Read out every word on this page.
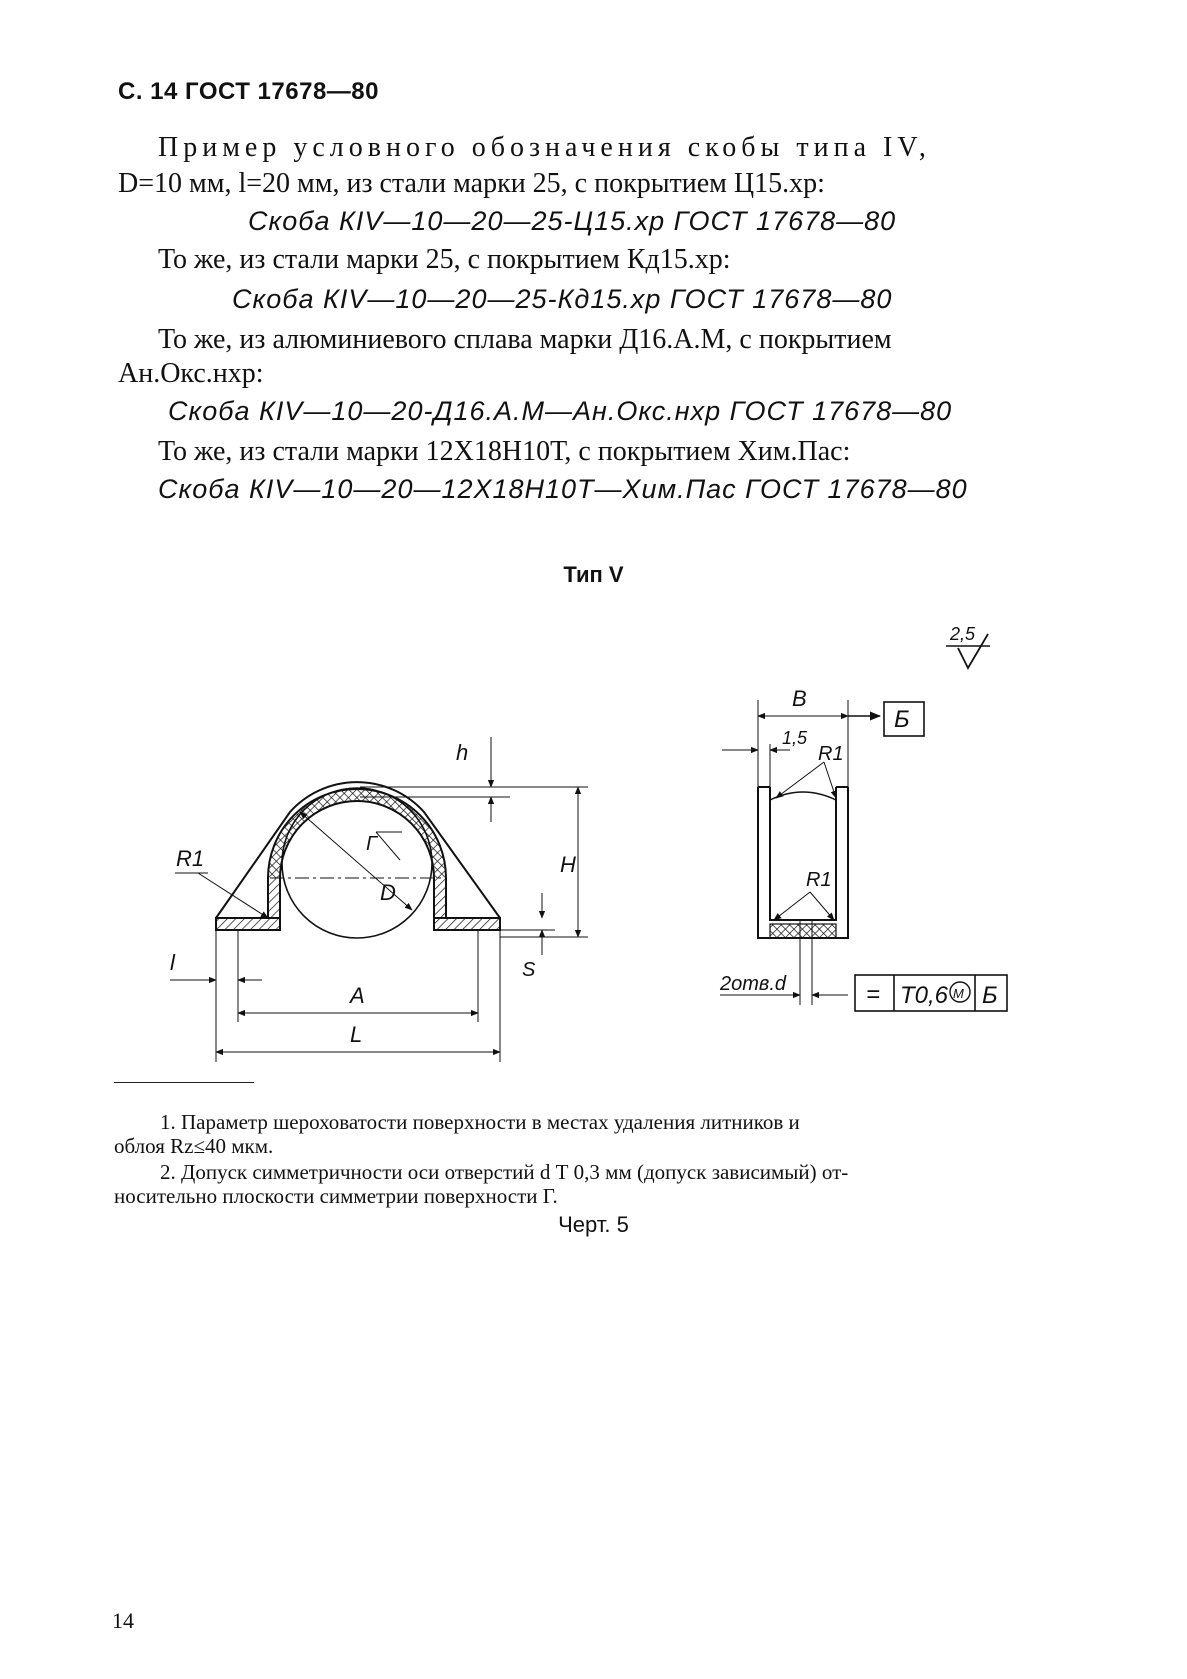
С. 14 ГОСТ 17678—80
Пример условного обозначения скобы типа IV,
D=10 мм, l=20 мм, из стали марки 25, с покрытием Ц15.хр:
Скоба КIV—10—20—25-Ц15.хр ГОСТ 17678—80
То же, из стали марки 25, с покрытием Кд15.хр:
Скоба КIV—10—20—25-Кд15.хр ГОСТ 17678—80
То же, из алюминиевого сплава марки Д16.А.М, с покрытием
Ан.Окс.нхр:
Скоба КIV—10—20-Д16.А.М—Ан.Окс.нхр ГОСТ 17678—80
То же, из стали марки 12Х18Н10Т, с покрытием Хим.Пас:
Скоба КIV—10—20—12Х18Н10Т—Хим.Пас ГОСТ 17678—80
Тип V
h
H
Г
D
R1
S
l
A
L
B
Б
1,5
R1
R1
2отв.d	= Т0,6 М Б
2,5
1. Параметр шероховатости поверхности в местах удаления литников и
облоя Rz≤40 мкм.
2. Допуск симметричности оси отверстий d Т 0,3 мм (допуск зависимый) от-
носительно плоскости симметрии поверхности Г.
Черт. 5
14
